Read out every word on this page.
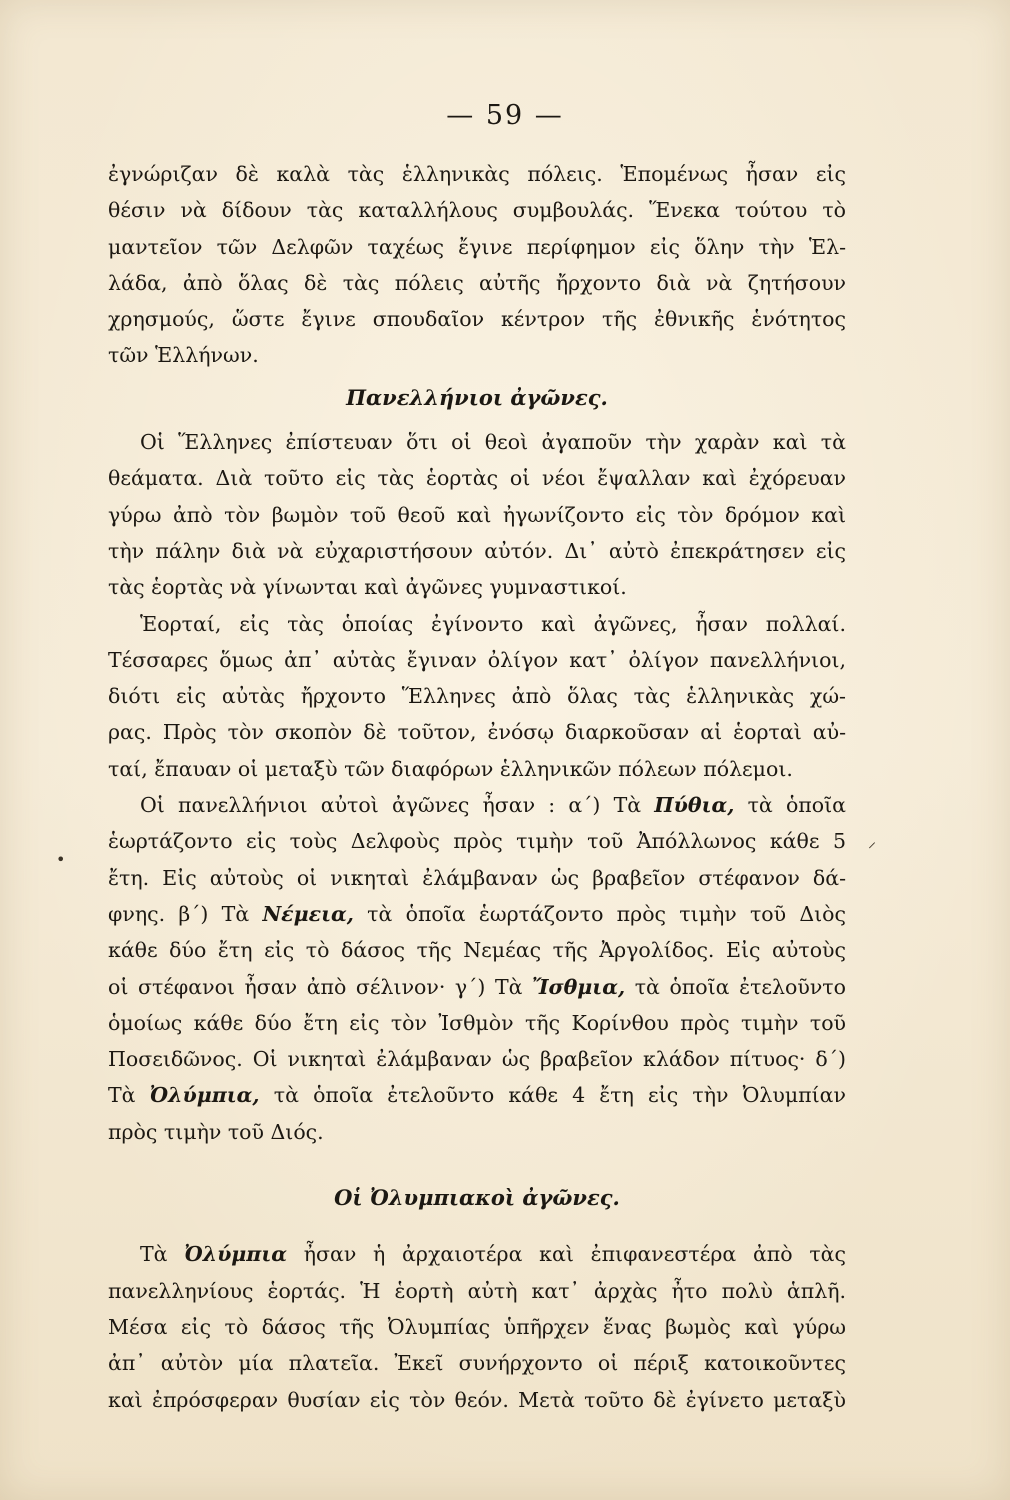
— 59 —
⸝
•
ἐγνώριζαν δὲ καλὰ τὰς ἑλληνικὰς πόλεις. Ἑπομένως ἦσαν εἰς
θέσιν νὰ δίδουν τὰς καταλλήλους συμβουλάς. Ἕνεκα τούτου τὸ
μαντεῖον τῶν Δελφῶν ταχέως ἔγινε περίφημον εἰς ὅλην τὴν Ἑλ-
λάδα, ἀπὸ ὅλας δὲ τὰς πόλεις αὐτῆς ἤρχοντο διὰ νὰ ζητήσουν
χρησμούς, ὥστε ἔγινε σπουδαῖον κέντρον τῆς ἐθνικῆς ἑνότητος
τῶν Ἑλλήνων.
Πανελλήνιοι ἀγῶνες.
Οἱ Ἕλληνες ἐπίστευαν ὅτι οἱ θεοὶ ἀγαποῦν τὴν χαρὰν καὶ τὰ
θεάματα. Διὰ τοῦτο εἰς τὰς ἑορτὰς οἱ νέοι ἔψαλλαν καὶ ἐχόρευαν
γύρω ἀπὸ τὸν βωμὸν τοῦ θεοῦ καὶ ἠγωνίζοντο εἰς τὸν δρόμον καὶ
τὴν πάλην διὰ νὰ εὐχαριστήσουν αὐτόν. Δι᾿ αὐτὸ ἐπεκράτησεν εἰς
τὰς ἑορτὰς νὰ γίνωνται καὶ ἀγῶνες γυμναστικοί.
Ἑορταί, εἰς τὰς ὁποίας ἐγίνοντο καὶ ἀγῶνες, ἦσαν πολλαί.
Τέσσαρες ὅμως ἀπ᾿ αὐτὰς ἔγιναν ὀλίγον κατ᾿ ὀλίγον πανελλήνιοι,
διότι εἰς αὐτὰς ἤρχοντο Ἕλληνες ἀπὸ ὅλας τὰς ἑλληνικὰς χώ-
ρας. Πρὸς τὸν σκοπὸν δὲ τοῦτον, ἐνόσῳ διαρκοῦσαν αἱ ἑορταὶ αὐ-
ταί, ἔπαυαν οἱ μεταξὺ τῶν διαφόρων ἑλληνικῶν πόλεων πόλεμοι.
Οἱ πανελλήνιοι αὐτοὶ ἀγῶνες ἦσαν : α΄) Τὰ Πύθια, τὰ ὁποῖα
ἑωρτάζοντο εἰς τοὺς Δελφοὺς πρὸς τιμὴν τοῦ Ἀπόλλωνος κάθε 5
ἔτη. Εἰς αὐτοὺς οἱ νικηταὶ ἐλάμβαναν ὡς βραβεῖον στέφανον δά-
φνης. β΄) Τὰ Νέμεια, τὰ ὁποῖα ἑωρτάζοντο πρὸς τιμὴν τοῦ Διὸς
κάθε δύο ἔτη εἰς τὸ δάσος τῆς Νεμέας τῆς Ἀργολίδος. Εἰς αὐτοὺς
οἱ στέφανοι ἦσαν ἀπὸ σέλινον· γ΄) Τὰ Ἴσθμια, τὰ ὁποῖα ἐτελοῦντο
ὁμοίως κάθε δύο ἔτη εἰς τὸν Ἰσθμὸν τῆς Κορίνθου πρὸς τιμὴν τοῦ
Ποσειδῶνος. Οἱ νικηταὶ ἐλάμβαναν ὡς βραβεῖον κλάδον πίτυος· δ΄)
Τὰ Ὀλύμπια, τὰ ὁποῖα ἐτελοῦντο κάθε 4 ἔτη εἰς τὴν Ὀλυμπίαν
πρὸς τιμὴν τοῦ Διός.
Οἱ Ὀλυμπιακοὶ ἀγῶνες.
Τὰ Ὀλύμπια ἦσαν ἡ ἀρχαιοτέρα καὶ ἐπιφανεστέρα ἀπὸ τὰς
πανελληνίους ἑορτάς. Ἡ ἑορτὴ αὐτὴ κατ᾿ ἀρχὰς ἦτο πολὺ ἁπλῆ.
Μέσα εἰς τὸ δάσος τῆς Ὀλυμπίας ὑπῆρχεν ἕνας βωμὸς καὶ γύρω
ἀπ᾿ αὐτὸν μία πλατεῖα. Ἐκεῖ συνήρχοντο οἱ πέριξ κατοικοῦντες
καὶ ἐπρόσφεραν θυσίαν εἰς τὸν θεόν. Μετὰ τοῦτο δὲ ἐγίνετο μεταξὺ
